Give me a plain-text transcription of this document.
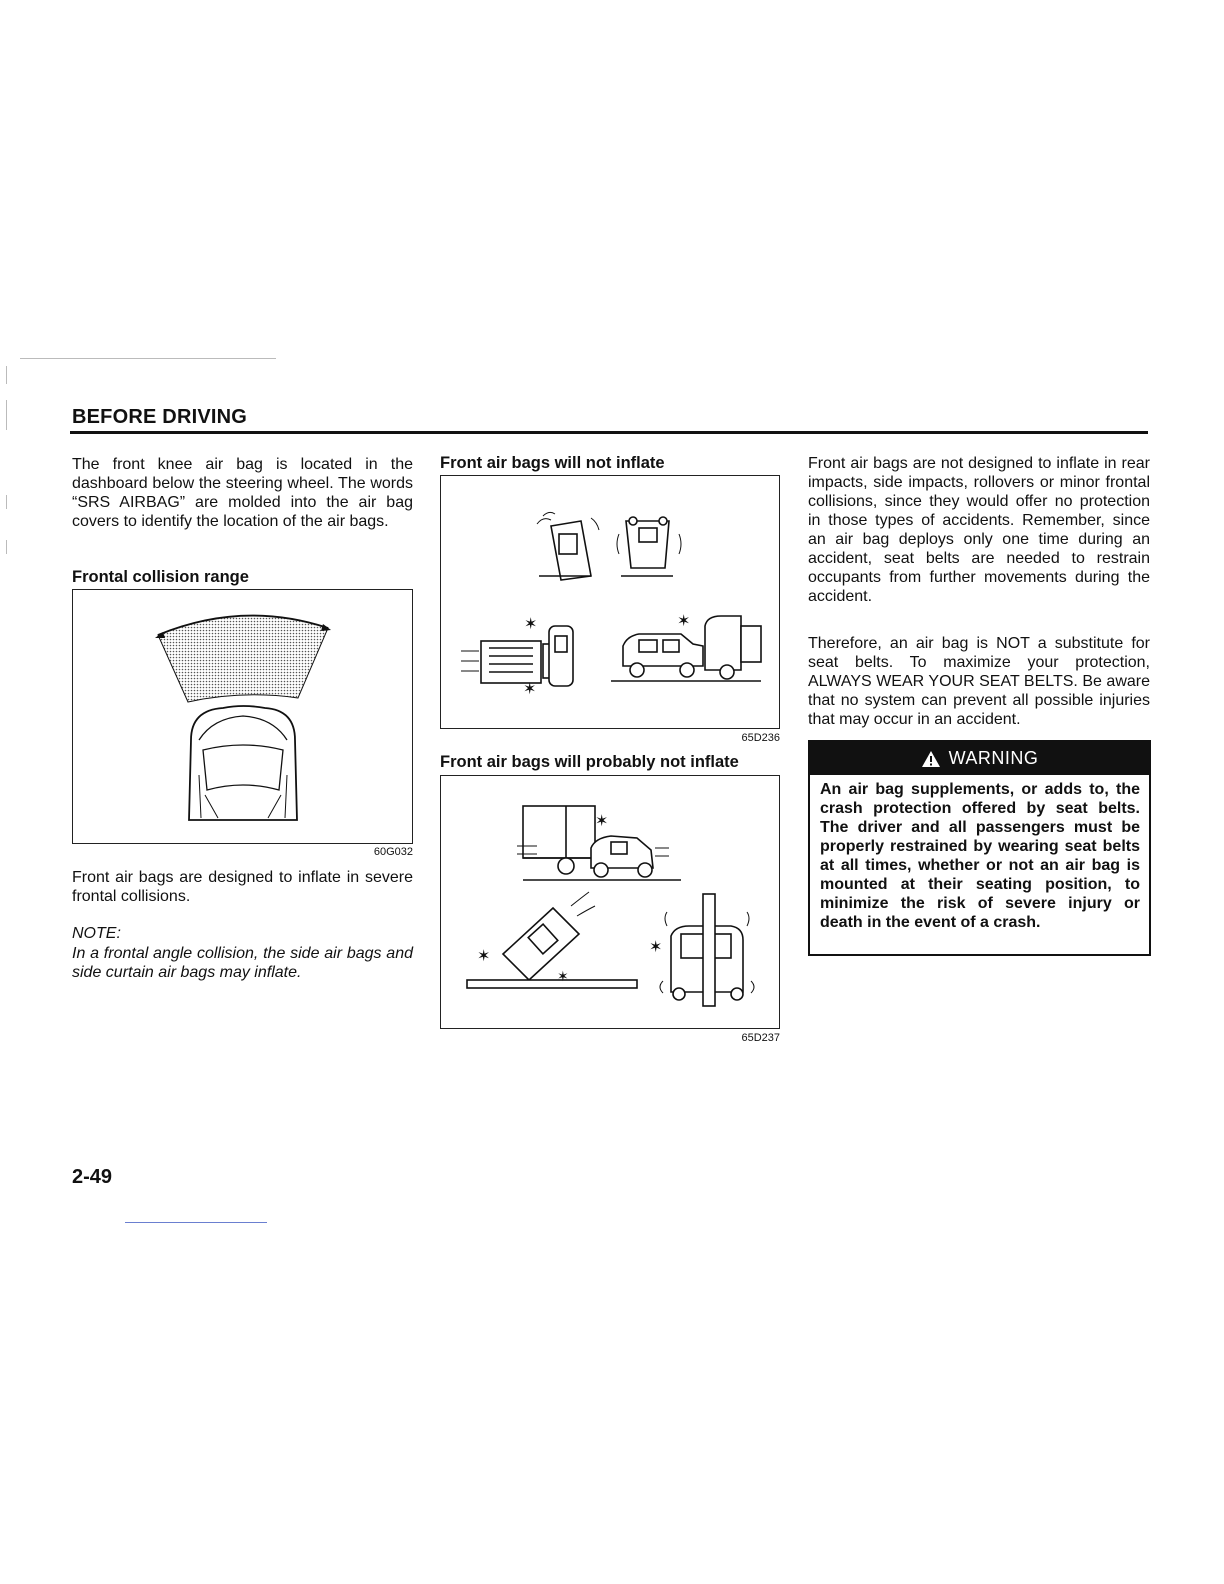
BEFORE DRIVING
The front knee air bag is located in the dashboard below the steering wheel. The words “SRS AIRBAG” are molded into the air bag covers to identify the location of the air bags.
Frontal collision range
60G032
Front air bags are designed to inflate in severe frontal collisions.
NOTE:
In a frontal angle collision, the side air bags and side curtain air bags may inflate.
Front air bags will not inflate
✶
✶
✶
65D236
Front air bags will probably not inflate
✶
✶
✶
✶
65D237
Front air bags are not designed to inflate in rear impacts, side impacts, rollovers or minor frontal collisions, since they would offer no protection in those types of accidents. Remember, since an air bag deploys only one time during an accident, seat belts are needed to restrain occupants from further movements during the accident.
Therefore, an air bag is NOT a substitute for seat belts. To maximize your protection, ALWAYS WEAR YOUR SEAT BELTS. Be aware that no system can prevent all possible injuries that may occur in an accident.
WARNING
An air bag supplements, or adds to, the crash protection offered by seat belts. The driver and all passengers must be properly restrained by wearing seat belts at all times, whether or not an air bag is mounted at their seating position, to minimize the risk of severe injury or death in the event of a crash.
2-49
